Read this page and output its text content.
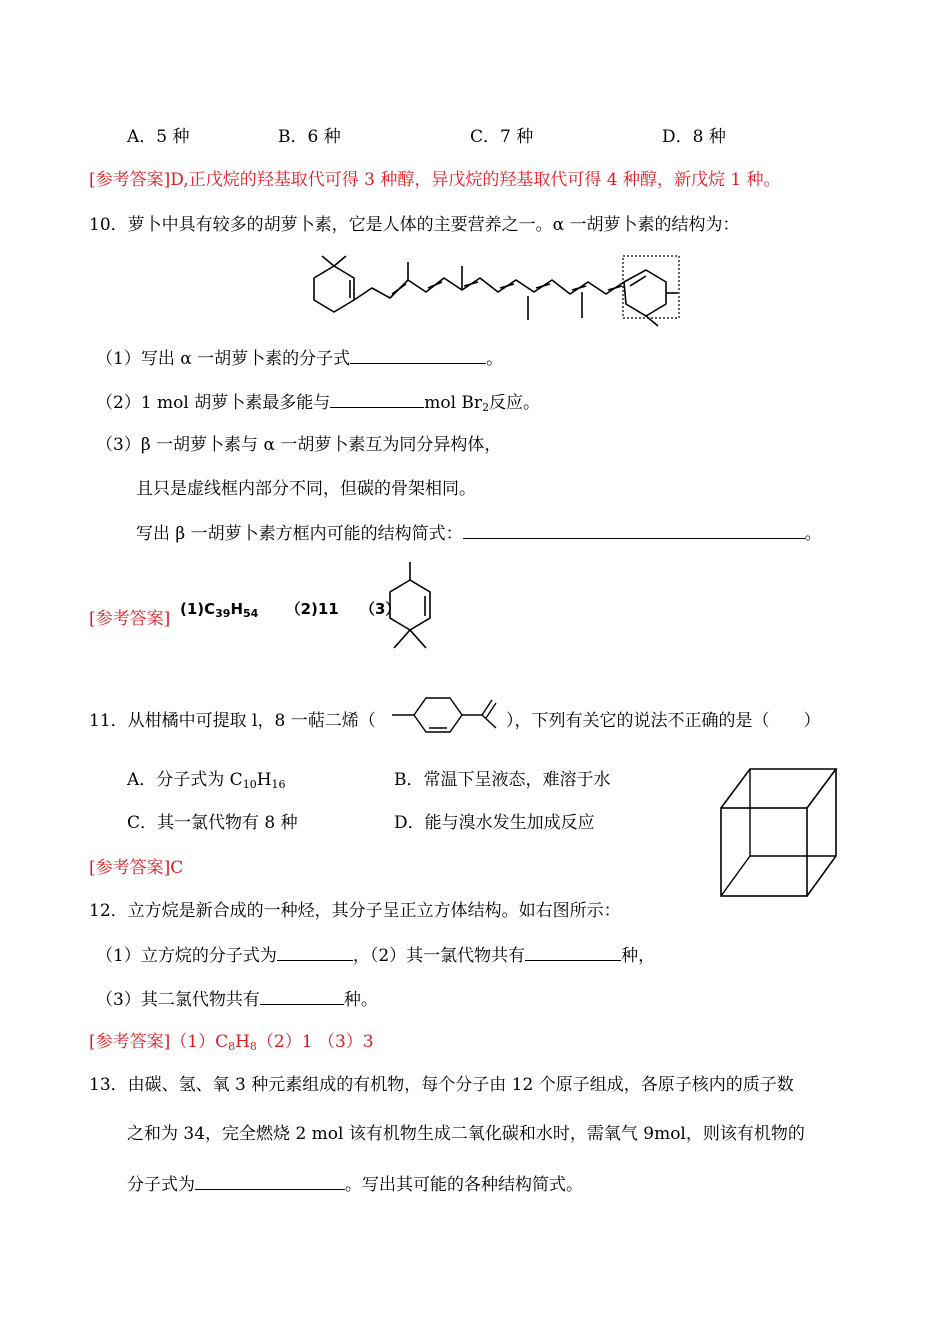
A．5 种	B．6 种	C．7 种	D．8 种
[参考答案]D,正戊烷的羟基取代可得 3 种醇，异戊烷的羟基取代可得 4 种醇，新戊烷 1 种。
10．萝卜中具有较多的胡萝卜素，它是人体的主要营养之一。α 一胡萝卜素的结构为：
（1）写出 α 一胡萝卜素的分子式	。
（2）1 mol 胡萝卜素最多能与	mol $Br_2$反应。
（3）β 一胡萝卜素与 α 一胡萝卜素互为同分异构体，
且只是虚线框内部分不同，但碳的骨架相同。
写出 β 一胡萝卜素方框内可能的结构简式：	。
[参考答案] $(1)C_{39}H_{54}$ （2)11 （3）
11．从柑橘中可提取 l，8 一萜二烯（	），下列有关它的说法不正确的是（　　）
A．分子式为 $C_{10}H_{16}$	B．常温下呈液态，难溶于水
C．其一氯代物有 8 种	D．能与溴水发生加成反应
[参考答案]C
12．立方烷是新合成的一种烃，其分子呈正立方体结构。如右图所示：
（1）立方烷的分子式为	，（2）其一氯代物共有	种，
（3）其二氯代物共有	种。
[参考答案]$(1)C_8H_8(2)1$ （3）3
13．由碳、氢、氧 3 种元素组成的有机物，每个分子由 12 个原子组成，各原子核内的质子数
之和为 34，完全燃烧 2 mol 该有机物生成二氧化碳和水时，需氧气 9mol，则该有机物的
分子式为	。写出其可能的各种结构简式。
